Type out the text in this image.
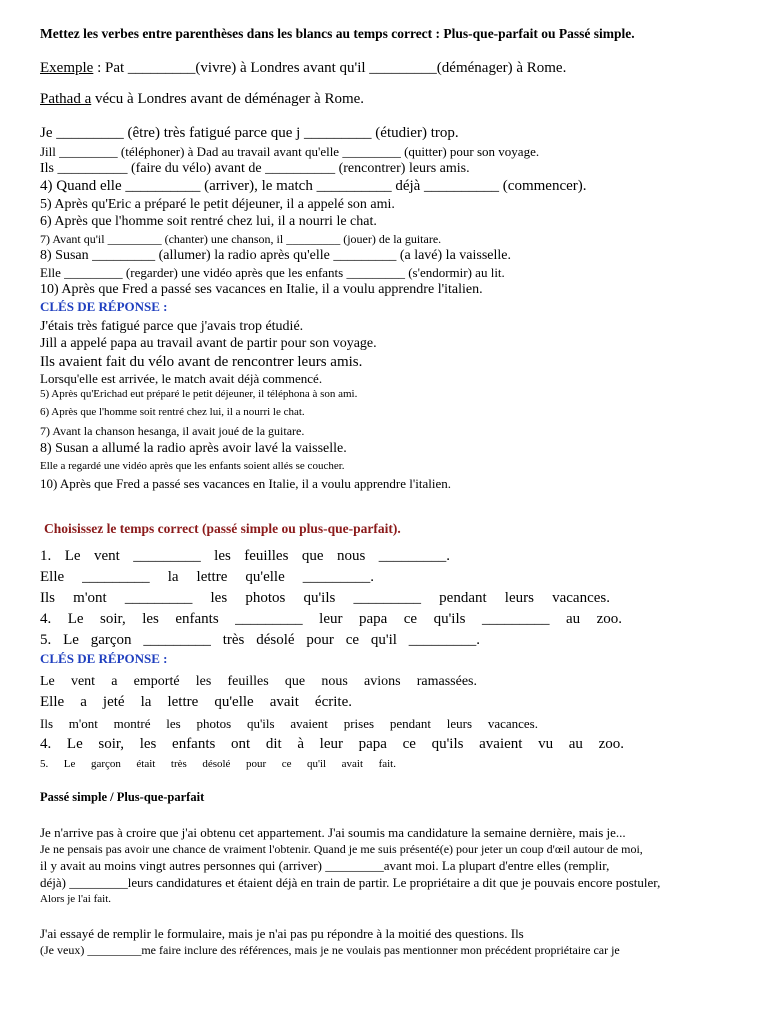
Mettez les verbes entre parenthèses dans les blancs au temps correct : Plus-que-parfait ou Passé simple.

Exemple : Pat _________(vivre) à Londres avant qu'il _________(déménager) à Rome.
Pathad a vécu à Londres avant de déménager à Rome.
Je _________ (être) très fatigué parce que j _________ (étudier) trop.
Jill _________ (téléphoner) à Dad au travail avant qu'elle _________ (quitter) pour son voyage.
Ils __________ (faire du vélo) avant de __________ (rencontrer) leurs amis.
4) Quand elle __________ (arriver), le match __________ déjà __________ (commencer).
5) Après qu'Eric a préparé le petit déjeuner, il a appelé son ami.
6) Après que l'homme soit rentré chez lui, il a nourri le chat.
7) Avant qu'il _________ (chanter) une chanson, il _________ (jouer) de la guitare.
8) Susan _________ (allumer) la radio après qu'elle _________ (a lavé) la vaisselle.
Elle _________ (regarder) une vidéo après que les enfants _________ (s'endormir) au lit.
10) Après que Fred a passé ses vacances en Italie, il a voulu apprendre l'italien.
CLÉS DE RÉPONSE :
J'étais très fatigué parce que j'avais trop étudié.
Jill a appelé papa au travail avant de partir pour son voyage.
Ils avaient fait du vélo avant de rencontrer leurs amis.
Lorsqu'elle est arrivée, le match avait déjà commencé.
5) Après qu'Erichad eut préparé le petit déjeuner, il téléphona à son ami.
6) Après que l'homme soit rentré chez lui, il a nourri le chat.
7) Avant la chanson hesanga, il avait joué de la guitare.
8) Susan a allumé la radio après avoir lavé la vaisselle.
Elle a regardé une vidéo après que les enfants soient allés se coucher.
10) Après que Fred a passé ses vacances en Italie, il a voulu apprendre l'italien.
Choisissez le temps correct (passé simple ou plus-que-parfait).
1. Le vent _________ les feuilles que nous _________.
Elle _________ la lettre qu'elle _________.
Ils m'ont _________ les photos qu'ils _________ pendant leurs vacances.
4. Le soir, les enfants _________ leur papa ce qu'ils _________ au zoo.
5. Le garçon _________ très désolé pour ce qu'il _________.
CLÉS DE RÉPONSE :
Le vent a emporté les feuilles que nous avions ramassées.
Elle a jeté la lettre qu'elle avait écrite.
Ils m'ont montré les photos qu'ils avaient prises pendant leurs vacances.
4. Le soir, les enfants ont dit à leur papa ce qu'ils avaient vu au zoo.
5. Le garçon était très désolé pour ce qu'il avait fait.
Passé simple / Plus-que-parfait
Je n'arrive pas à croire que j'ai obtenu cet appartement. J'ai soumis ma candidature la semaine dernière, mais je...
Je ne pensais pas avoir une chance de vraiment l'obtenir. Quand je me suis présenté(e) pour jeter un coup d'œil autour de moi,
il y avait au moins vingt autres personnes qui (arriver) _________avant moi. La plupart d'entre elles (remplir,
déjà) _________leurs candidatures et étaient déjà en train de partir. Le propriétaire a dit que je pouvais encore postuler,
Alors je l'ai fait.
J'ai essayé de remplir le formulaire, mais je n'ai pas pu répondre à la moitié des questions. Ils
(Je veux) _________me faire inclure des références, mais je ne voulais pas mentionner mon précédent propriétaire car je
